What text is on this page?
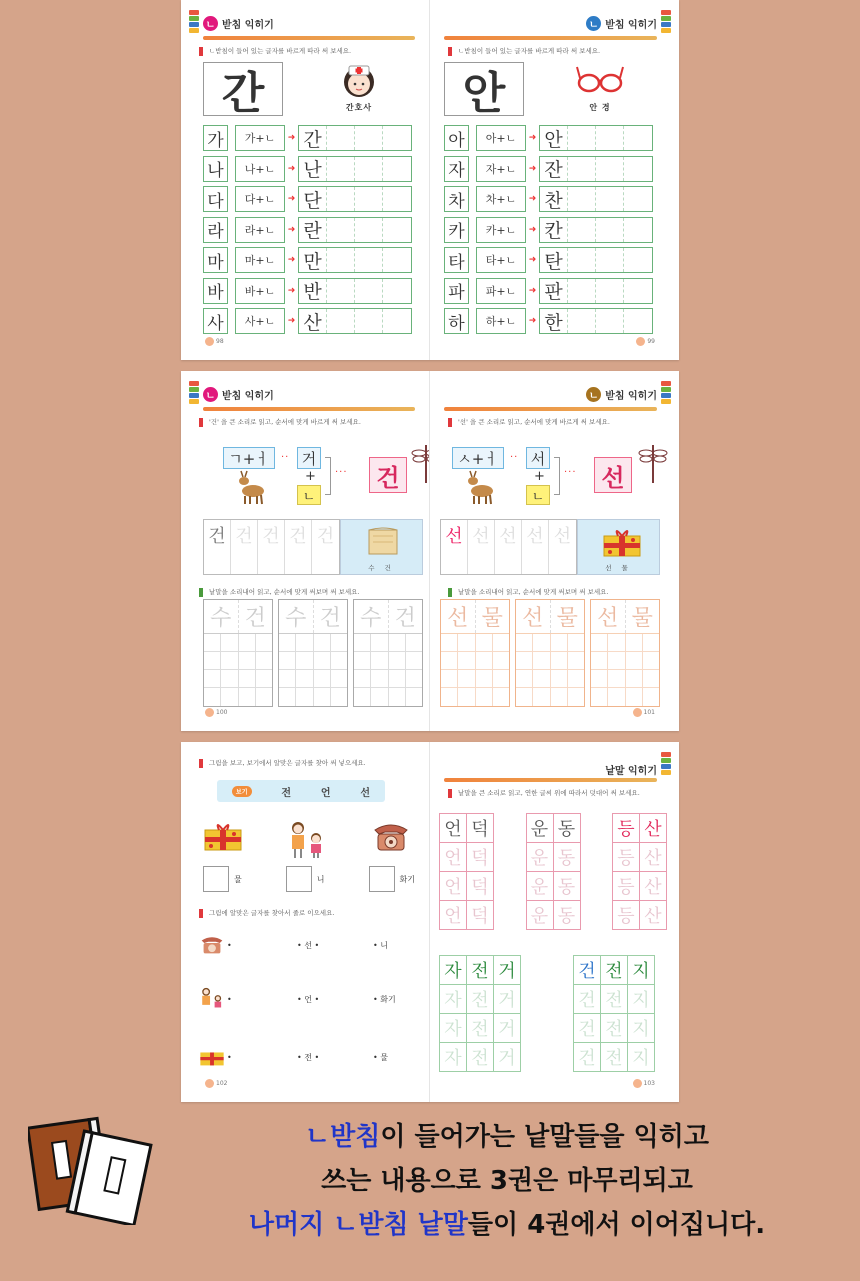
ㄴ 받침 익히기
ㄴ받침이 들어 있는 글자를 바르게 따라 써 보세요.
간	간호사
가	가+ㄴ	➜ 간
나	나+ㄴ	➜ 난
다	다+ㄴ	➜ 단
라	라+ㄴ	➜ 란
마	마+ㄴ	➜ 만
바	바+ㄴ	➜ 반
사	사+ㄴ	➜ 산
98
ㄴ 받침 익히기
ㄴ받침이 들어 있는 글자를 바르게 따라 써 보세요.
안	안 경
아	아+ㄴ	➜ 안
자	자+ㄴ	➜ 잔
차	차+ㄴ	➜ 찬
카	카+ㄴ	➜ 칸
타	타+ㄴ	➜ 탄
파	파+ㄴ	➜ 판
하	하+ㄴ	➜ 한
99
ㄴ 받침 익히기
'건' 을 큰 소리로 읽고, 순서에 맞게 바르게 써 보세요.
ㄱ+ㅓ	·· 거
+
ㄴ
···	건
건 건 건 건 건
수 건
낱말을 소리내어 읽고, 순서에 맞게 써보며 써 보세요.
수 건 수 건 수 건
100
ㄴ 받침 익히기
'선' 을 큰 소리로 읽고, 순서에 맞게 바르게 써 보세요.
ㅅ+ㅓ	·· 서
+
ㄴ
···	선
선 선 선 선 선
선 물
낱말을 소리내어 읽고, 순서에 맞게 써보며 써 보세요.
선 물 선 물 선 물
101
그림을 보고, 보기에서 알맞은 글자를 찾아 써 넣으세요.
보기	전	언	선
물	니	화기
그림에 알맞은 글자를 찾아서 줄로 이으세요.
•	• 선 •	• 니
•	• 언 •	• 화기
•	• 전 •	• 물
102
낱말 익히기
낱말을 큰 소리로 읽고, 연한 글씨 위에 따라서 덧대어 써 보세요.
언 덕
언 덕
언 덕
언 덕
운 동
운 동
운 동
운 동
등 산
등 산
등 산
등 산
자 전 거
자 전 거
자 전 거
자 전 거
건 전 지
건 전 지
건 전 지
건 전 지
103
ㄴ받침이 들어가는 낱말들을 익히고
쓰는 내용으로 3권은 마무리되고
나머지 ㄴ받침 낱말들이 4권에서 이어집니다.
